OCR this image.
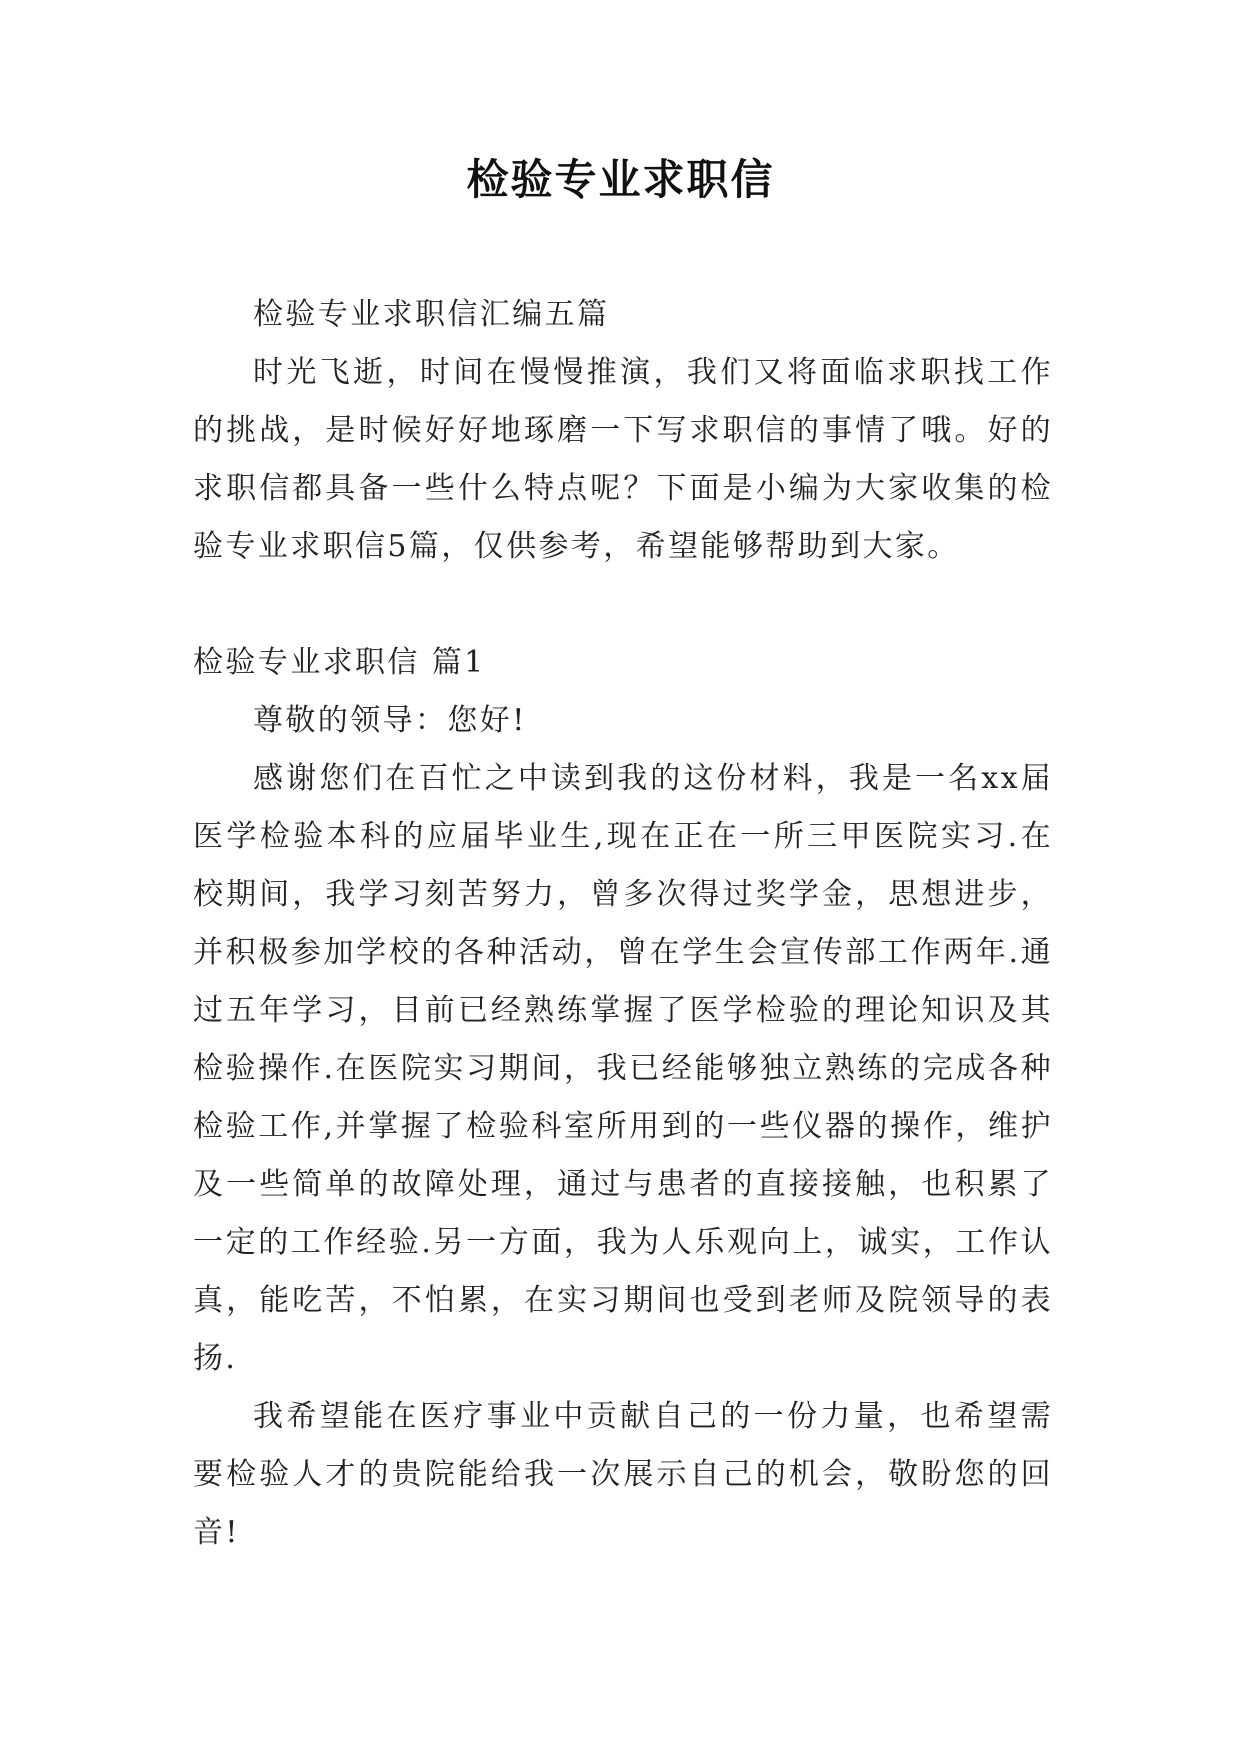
检验专业求职信

检验专业求职信汇编五篇

时光飞逝，时间在慢慢推演，我们又将面临求职找工作的挑战，是时候好好地琢磨一下写求职信的事情了哦。好的求职信都具备一些什么特点呢？下面是小编为大家收集的检验专业求职信5篇，仅供参考，希望能够帮助到大家。

检验专业求职信 篇1

尊敬的领导：您好!

感谢您们在百忙之中读到我的这份材料，我是一名xx届医学检验本科的应届毕业生,现在正在一所三甲医院实习.在校期间，我学习刻苦努力，曾多次得过奖学金，思想进步，并积极参加学校的各种活动，曾在学生会宣传部工作两年.通过五年学习，目前已经熟练掌握了医学检验的理论知识及其检验操作.在医院实习期间，我已经能够独立熟练的完成各种检验工作,并掌握了检验科室所用到的一些仪器的操作，维护及一些简单的故障处理，通过与患者的直接接触，也积累了一定的工作经验.另一方面，我为人乐观向上，诚实，工作认真，能吃苦，不怕累，在实习期间也受到老师及院领导的表扬.

我希望能在医疗事业中贡献自己的一份力量，也希望需要检验人才的贵院能给我一次展示自己的机会，敬盼您的回音!
